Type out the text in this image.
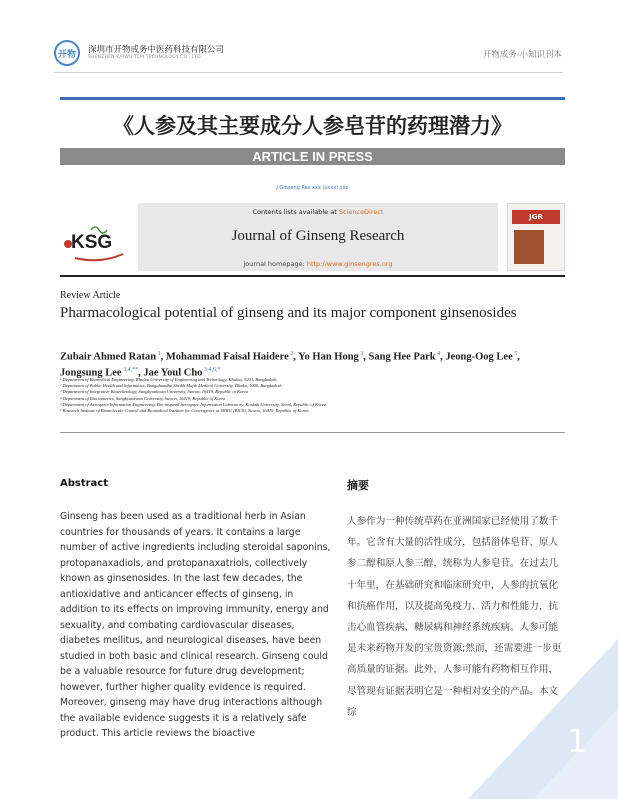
开物 深圳市开物成务中医药科技有限公司
SHENZHEN KAIWU TCM TECHNOLOGY CO., LTD.	开物成务·小知识刊本
《人参及其主要成分人参皂苷的药理潜力》
ARTICLE IN PRESS
J Ginseng Res xxx (xxxx) xxx
KSG
Contents lists available at ScienceDirect
Journal of Ginseng Research
journal homepage: http://www.ginsengres.org
JGR
Review Article
Pharmacological potential of ginseng and its major component ginsenosides
Zubair Ahmed Ratan $^1$, Mohammad Faisal Haidere $^2$, Yo Han Hong $^3$, Sang Hee Park $^4$, Jeong-Oog Lee $^5$, Jongsung Lee $^{3,4,**}$, Jae Youl Cho $^{3,4,6,*}$
¹ Department of Biomedical Engineering, Khulna University of Engineering and Technology, Khulna, 9203, Bangladesh
² Department of Public Health and Informatics, Bangabandhu Sheikh Mujib Medical University, Dhaka, 1000, Bangladesh
³ Department of Integrative Biotechnology, Sungkyunkwan University, Suwon, 16419, Republic of Korea
⁴ Department of Biocosmetics, Sungkyunkwan University, Suwon, 16419, Republic of Korea
⁵ Department of Aerospace Information Engineering, Bio-inspired Aerospace Information Laboratory, Konkuk University, Seoul, Republic of Korea
⁶ Research Institute of Biomolecule Control and Biomedical Institute for Convergence at SKKU (BICS), Suwon, 16419, Republic of Korea
Abstract	摘要
Ginseng has been used as a traditional herb in Asian countries for thousands of years. It contains a large number of active ingredients including steroidal saponins, protopanaxadiols, and protopanaxatriols, collectively known as ginsenosides. In the last few decades, the antioxidative and anticancer effects of ginseng, in addition to its effects on improving immunity, energy and sexuality, and combating cardiovascular diseases, diabetes mellitus, and neurological diseases, have been studied in both basic and clinical research. Ginseng could be a valuable resource for future drug development; however, further higher quality evidence is required. Moreover, ginseng may have drug interactions although the available evidence suggests it is a relatively safe product. This article reviews the bioactive
人参作为一种传统草药在亚洲国家已经使用了数千年。它含有大量的活性成分，包括甾体皂苷、原人参二醇和原人参三醇，统称为人参皂苷。在过去几十年里，在基础研究和临床研究中，人参的抗氧化和抗癌作用，以及提高免疫力、活力和性能力，抗击心血管疾病、糖尿病和神经系统疾病。人参可能是未来药物开发的宝贵资源;然而，还需要进一步更高质量的证据。此外，人参可能有药物相互作用，尽管现有证据表明它是一种相对安全的产品。本文综
1
